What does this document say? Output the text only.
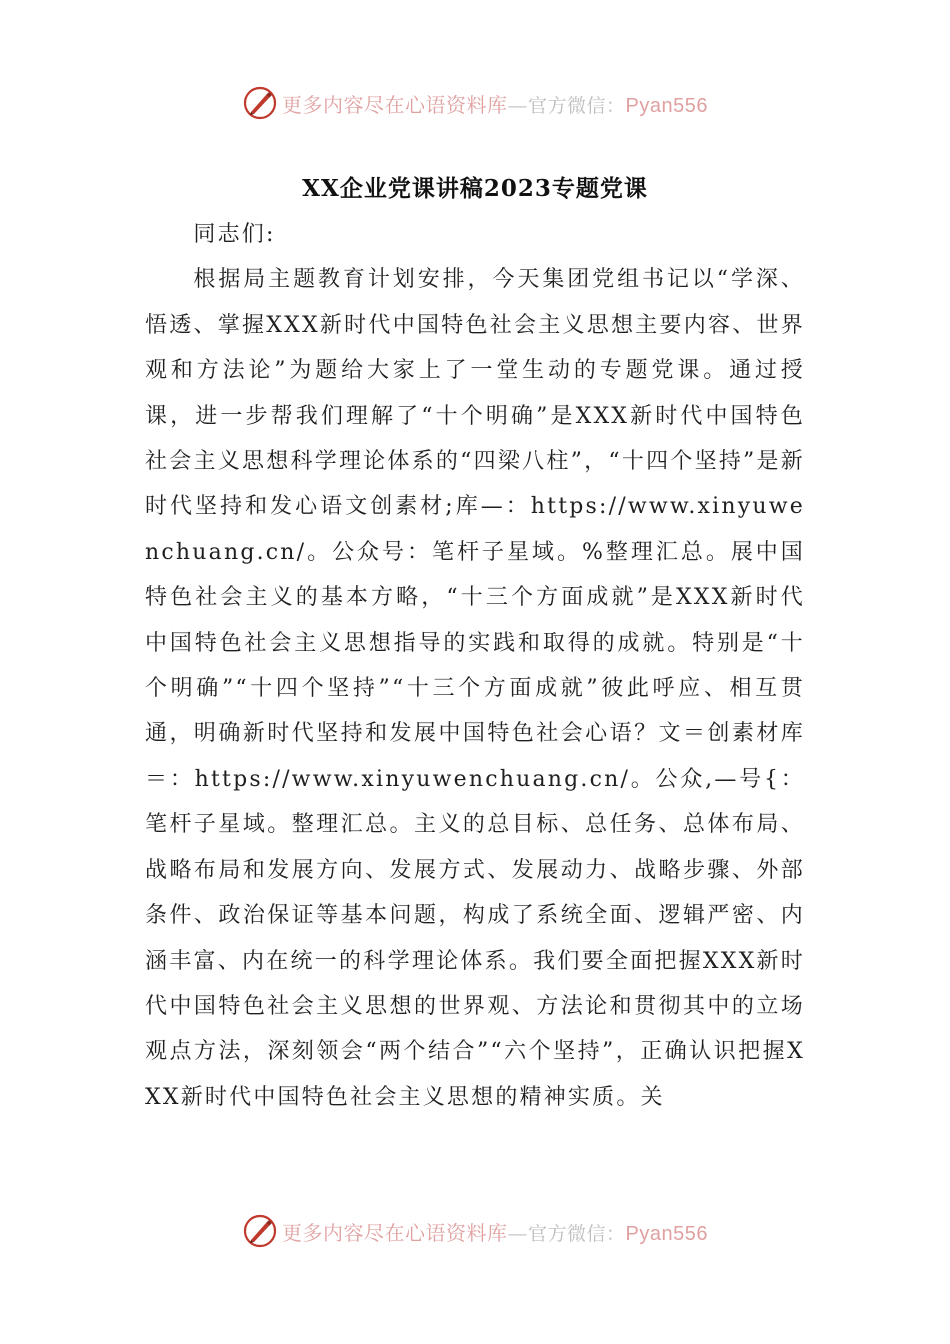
更多内容尽在心语资料库—官方微信：Pyan556
XX企业党课讲稿2023专题党课

同志们:

根据局主题教育计划安排，今天集团党组书记以“学深、悟透、掌握XXX新时代中国特色社会主义思想主要内容、世界观和方法论”为题给大家上了一堂生动的专题党课。通过授课，进一步帮我们理解了“十个明确”是XXX新时代中国特色社会主义思想科学理论体系的“四梁八柱”，“十四个坚持”是新时代坚持和发心语文创素材;库—：https://www.xinyuwenchuang.cn/。公众号：笔杆子星域。%整理汇总。展中国特色社会主义的基本方略，“十三个方面成就”是XXX新时代中国特色社会主义思想指导的实践和取得的成就。特别是“十个明确”“十四个坚持”“十三个方面成就”彼此呼应、相互贯通，明确新时代坚持和发展中国特色社会心语？文＝创素材库＝：https://www.xinyuwenchuang.cn/。公众,—号{：笔杆子星域。整理汇总。主义的总目标、总任务、总体布局、战略布局和发展方向、发展方式、发展动力、战略步骤、外部条件、政治保证等基本问题，构成了系统全面、逻辑严密、内涵丰富、内在统一的科学理论体系。我们要全面把握XXX新时代中国特色社会主义思想的世界观、方法论和贯彻其中的立场观点方法，深刻领会“两个结合”“六个坚持”，正确认识把握XXX新时代中国特色社会主义思想的精神实质。关

更多内容尽在心语资料库—官方微信：Pyan556
